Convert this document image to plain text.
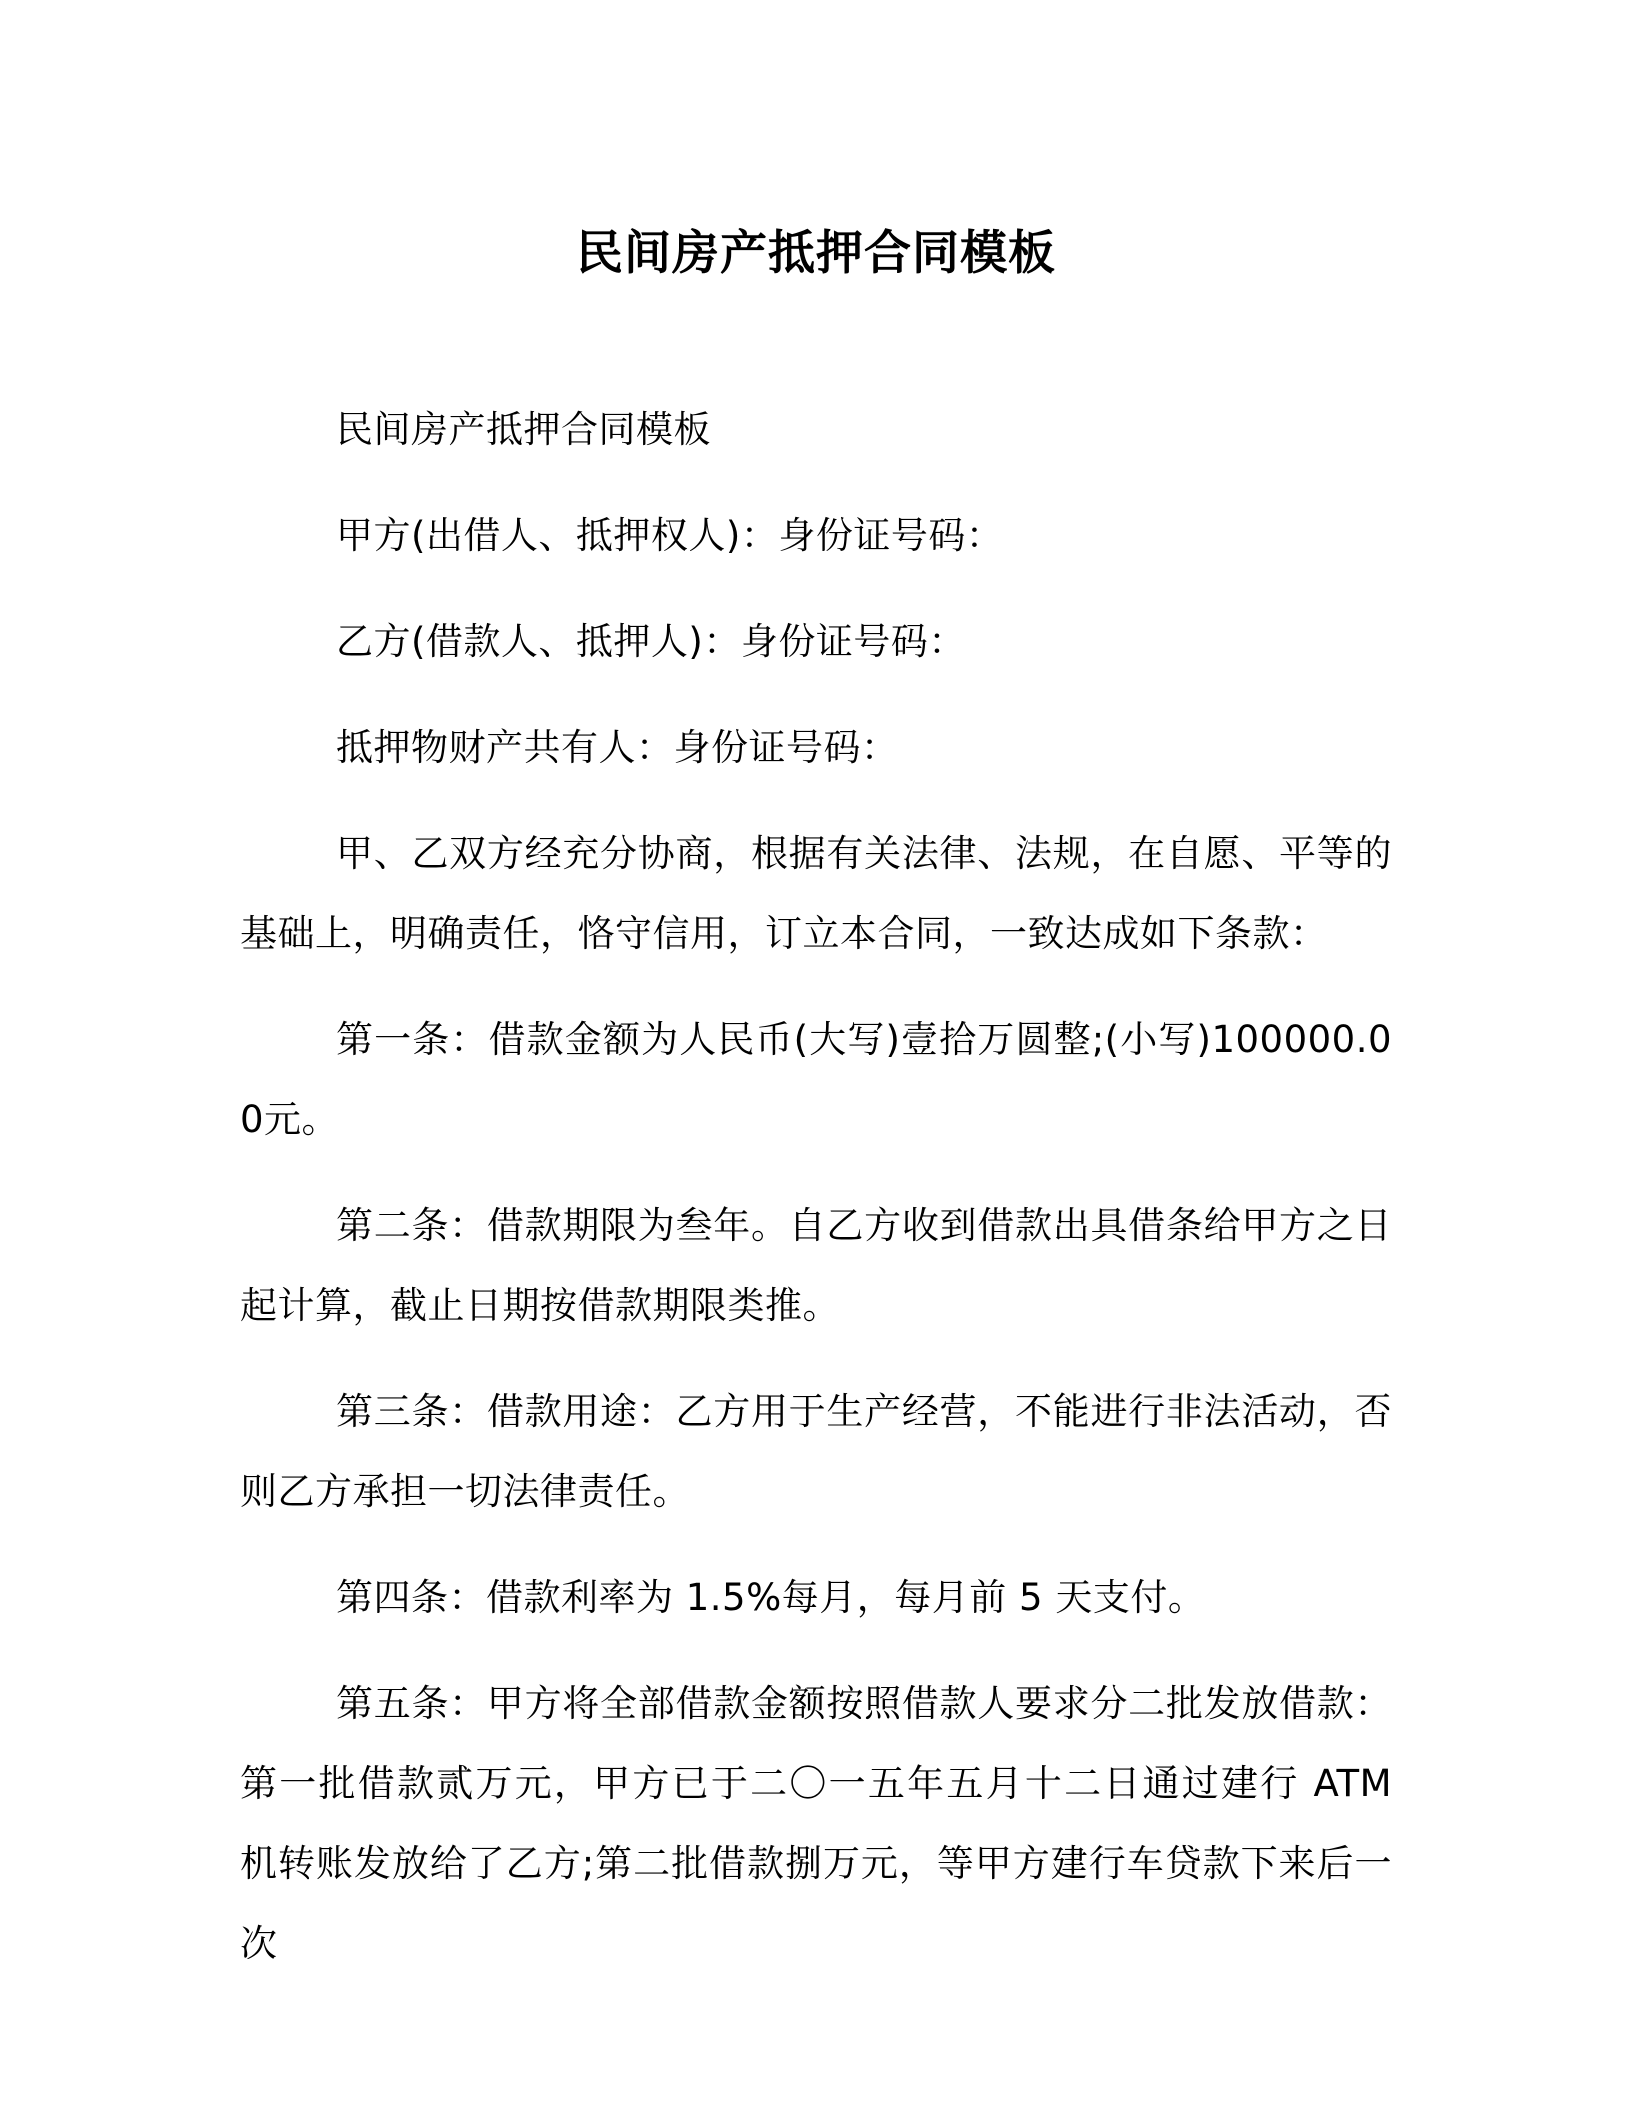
民间房产抵押合同模板

民间房产抵押合同模板

甲方(出借人、抵押权人)：身份证号码：

乙方(借款人、抵押人)：身份证号码：

抵押物财产共有人：身份证号码：

甲、乙双方经充分协商，根据有关法律、法规，在自愿、平等的基础上，明确责任，恪守信用，订立本合同，一致达成如下条款：

第一条：借款金额为人民币(大写)壹拾万圆整;(小写)100000.00元。

第二条：借款期限为叁年。自乙方收到借款出具借条给甲方之日起计算，截止日期按借款期限类推。

第三条：借款用途：乙方用于生产经营，不能进行非法活动，否则乙方承担一切法律责任。

第四条：借款利率为 1.5%每月，每月前 5 天支付。

第五条：甲方将全部借款金额按照借款人要求分二批发放借款：第一批借款贰万元，甲方已于二〇一五年五月十二日通过建行 ATM 机转账发放给了乙方;第二批借款捌万元，等甲方建行车贷款下来后一次
